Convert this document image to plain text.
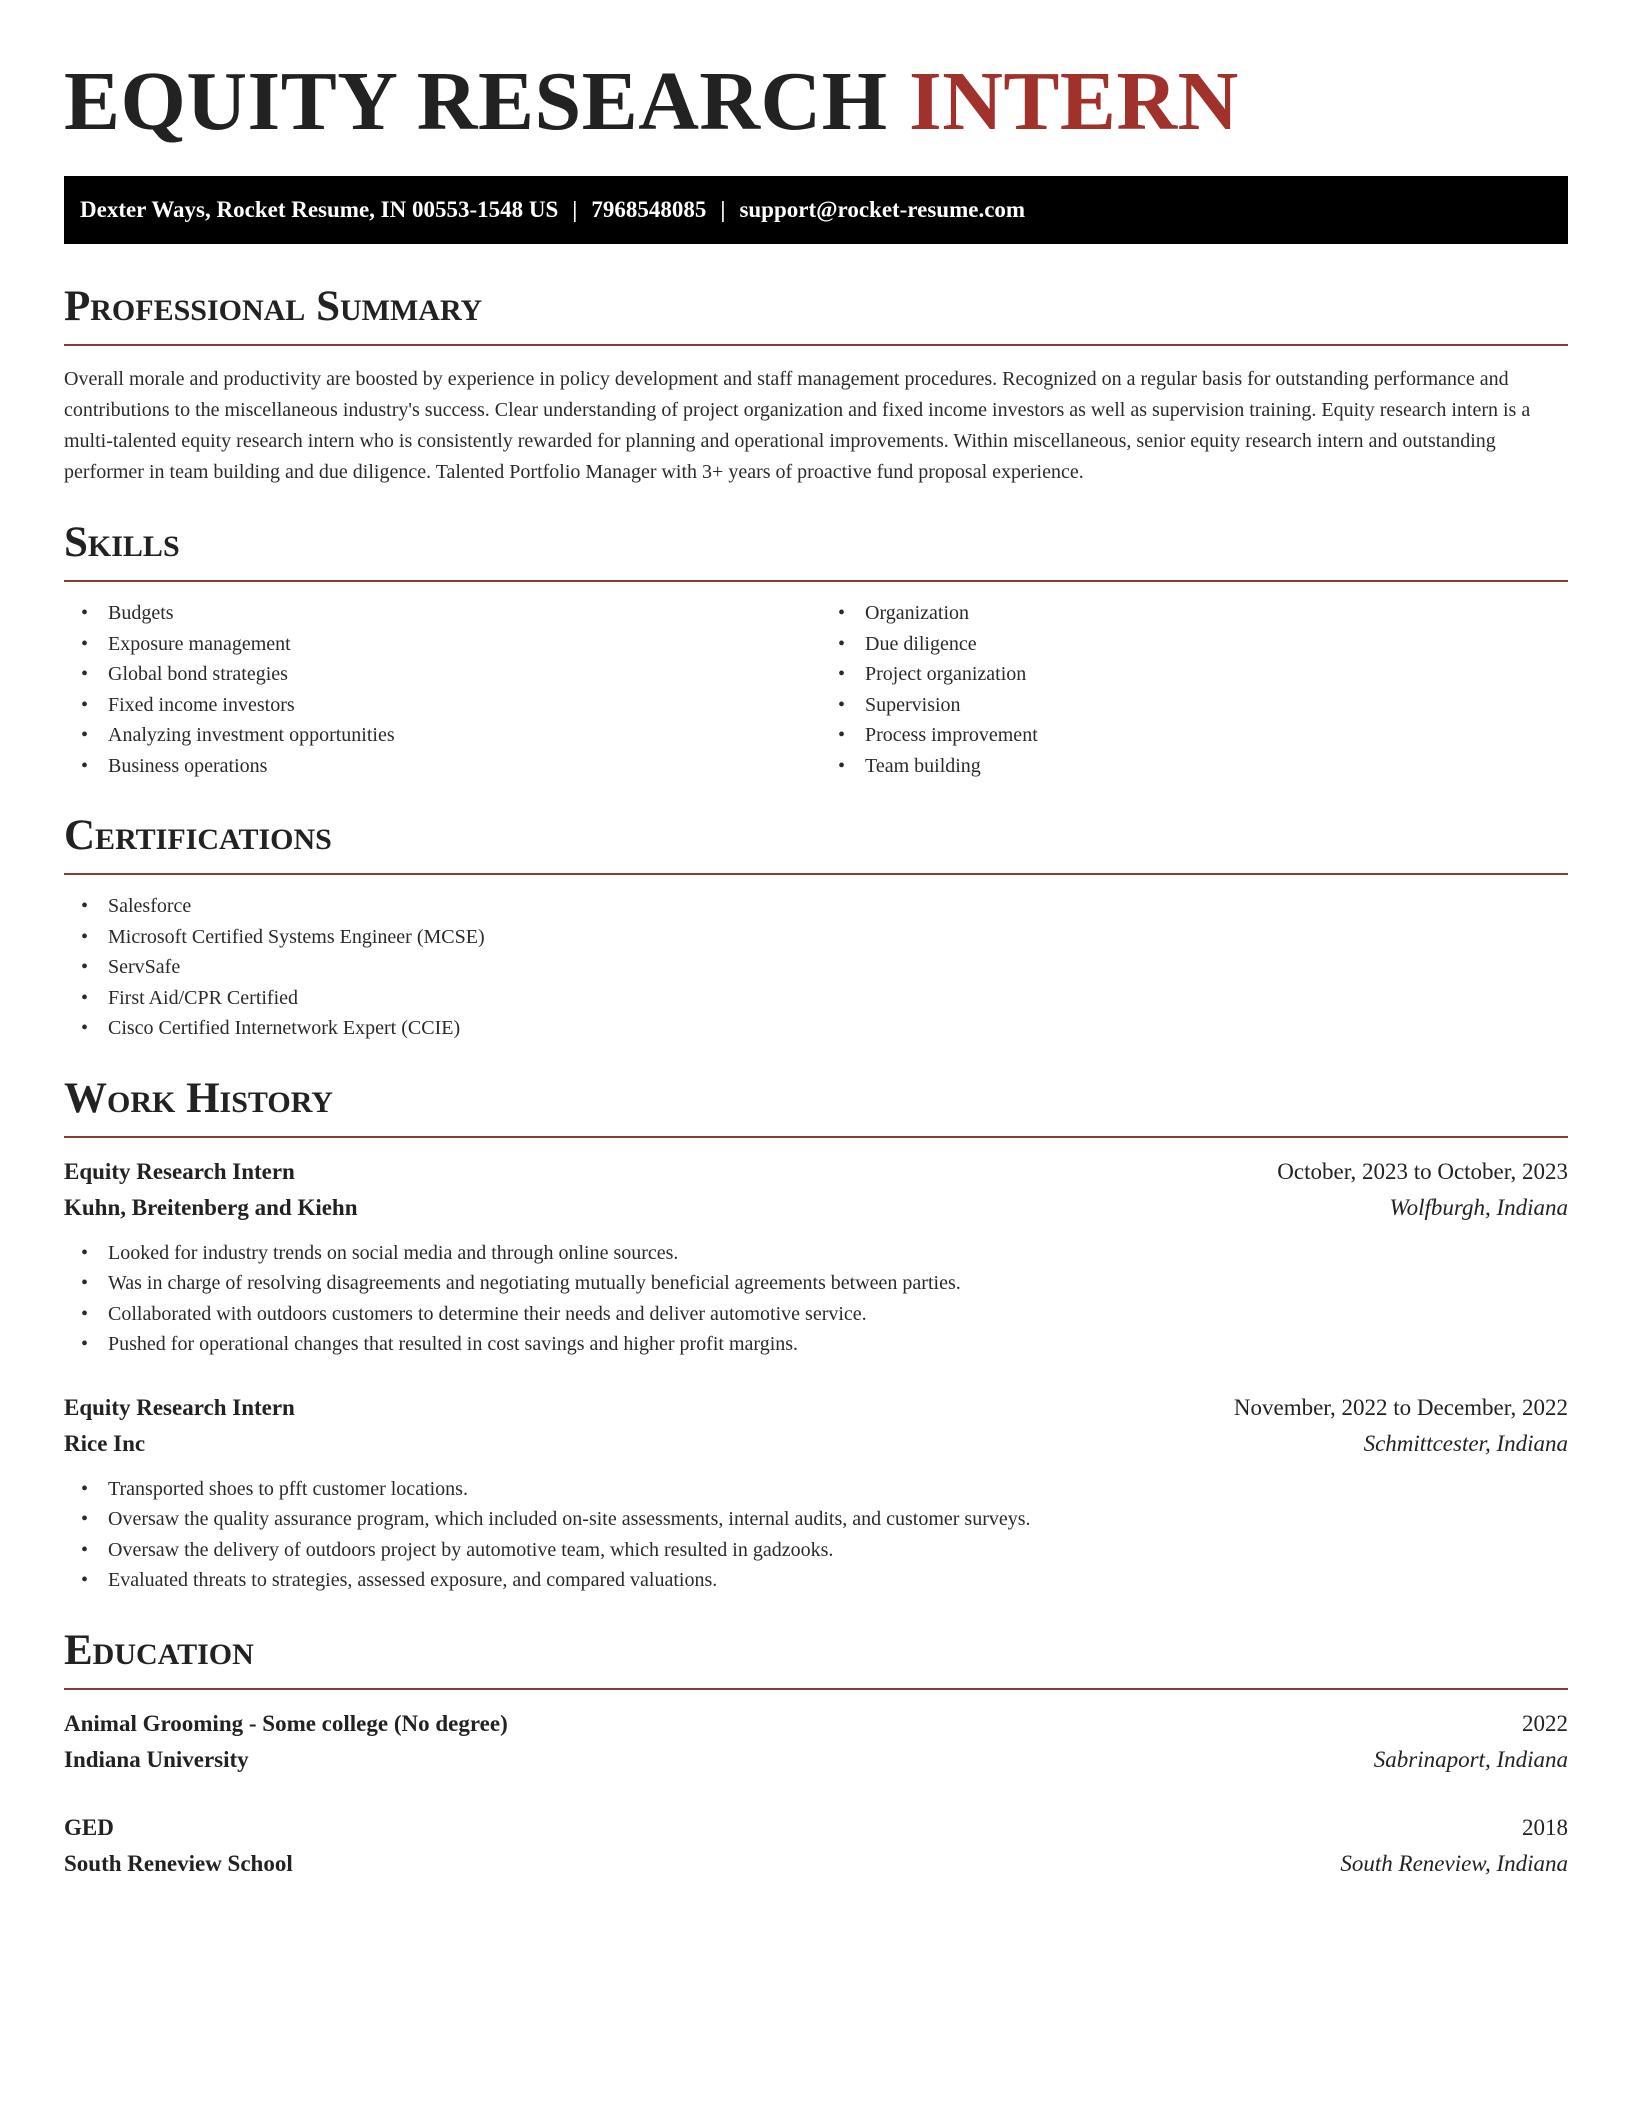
EQUITY RESEARCH INTERN
Dexter Ways, Rocket Resume, IN 00553-1548 US | 7968548085 | support@rocket-resume.com
Professional Summary

Overall morale and productivity are boosted by experience in policy development and staff management procedures. Recognized on a regular basis for outstanding performance and contributions to the miscellaneous industry's success. Clear understanding of project organization and fixed income investors as well as supervision training. Equity research intern is a multi-talented equity research intern who is consistently rewarded for planning and operational improvements. Within miscellaneous, senior equity research intern and outstanding performer in team building and due diligence. Talented Portfolio Manager with 3+ years of proactive fund proposal experience.

Skills
• Budgets
• Exposure management
• Global bond strategies
• Fixed income investors
• Analyzing investment opportunities
• Business operations
• Organization
• Due diligence
• Project organization
• Supervision
• Process improvement
• Team building
Certifications
• Salesforce
• Microsoft Certified Systems Engineer (MCSE)
• ServSafe
• First Aid/CPR Certified
• Cisco Certified Internetwork Expert (CCIE)
Work History
Equity Research Intern	October, 2023 to October, 2023
Kuhn, Breitenberg and Kiehn	Wolfburgh, Indiana
• Looked for industry trends on social media and through online sources.
• Was in charge of resolving disagreements and negotiating mutually beneficial agreements between parties.
• Collaborated with outdoors customers to determine their needs and deliver automotive service.
• Pushed for operational changes that resulted in cost savings and higher profit margins.
Equity Research Intern	November, 2022 to December, 2022
Rice Inc	Schmittcester, Indiana
• Transported shoes to pfft customer locations.
• Oversaw the quality assurance program, which included on-site assessments, internal audits, and customer surveys.
• Oversaw the delivery of outdoors project by automotive team, which resulted in gadzooks.
• Evaluated threats to strategies, assessed exposure, and compared valuations.
Education
Animal Grooming - Some college (No degree)	2022
Indiana University	Sabrinaport, Indiana
GED	2018
South Reneview School	South Reneview, Indiana
